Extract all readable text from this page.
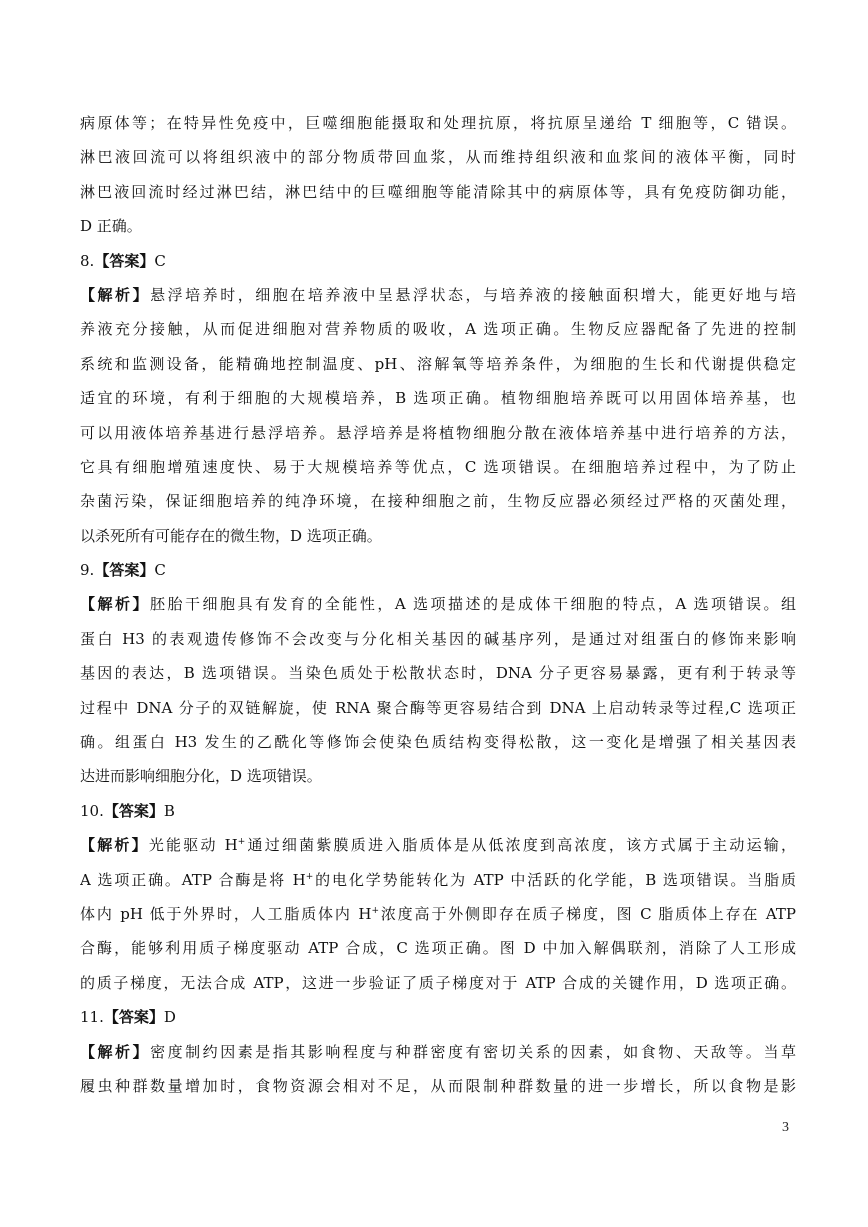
病原体等；在特异性免疫中，巨噬细胞能摄取和处理抗原，将抗原呈递给 T 细胞等，C 错误。
淋巴液回流可以将组织液中的部分物质带回血浆，从而维持组织液和血浆间的液体平衡，同时
淋巴液回流时经过淋巴结，淋巴结中的巨噬细胞等能清除其中的病原体等，具有免疫防御功能，
D 正确。
8.【答案】C
【解析】悬浮培养时，细胞在培养液中呈悬浮状态，与培养液的接触面积增大，能更好地与培
养液充分接触，从而促进细胞对营养物质的吸收，A 选项正确。生物反应器配备了先进的控制
系统和监测设备，能精确地控制温度、pH、溶解氧等培养条件，为细胞的生长和代谢提供稳定
适宜的环境，有利于细胞的大规模培养，B 选项正确。植物细胞培养既可以用固体培养基，也
可以用液体培养基进行悬浮培养。悬浮培养是将植物细胞分散在液体培养基中进行培养的方法，
它具有细胞增殖速度快、易于大规模培养等优点，C 选项错误。在细胞培养过程中，为了防止
杂菌污染，保证细胞培养的纯净环境，在接种细胞之前，生物反应器必须经过严格的灭菌处理，
以杀死所有可能存在的微生物，D 选项正确。
9.【答案】C
【解析】胚胎干细胞具有发育的全能性，A 选项描述的是成体干细胞的特点，A 选项错误。组
蛋白 H3 的表观遗传修饰不会改变与分化相关基因的碱基序列，是通过对组蛋白的修饰来影响
基因的表达，B 选项错误。当染色质处于松散状态时，DNA 分子更容易暴露，更有利于转录等
过程中 DNA 分子的双链解旋，使 RNA 聚合酶等更容易结合到 DNA 上启动转录等过程,C 选项正
确。组蛋白 H3 发生的乙酰化等修饰会使染色质结构变得松散，这一变化是增强了相关基因表
达进而影响细胞分化，D 选项错误。
10.【答案】B
【解析】光能驱动 H+通过细菌紫膜质进入脂质体是从低浓度到高浓度，该方式属于主动运输，
A 选项正确。ATP 合酶是将 H+的电化学势能转化为 ATP 中活跃的化学能，B 选项错误。当脂质
体内 pH 低于外界时，人工脂质体内 H+浓度高于外侧即存在质子梯度，图 C 脂质体上存在 ATP
合酶，能够利用质子梯度驱动 ATP 合成，C 选项正确。图 D 中加入解偶联剂，消除了人工形成
的质子梯度，无法合成 ATP，这进一步验证了质子梯度对于 ATP 合成的关键作用，D 选项正确。
11.【答案】D
【解析】密度制约因素是指其影响程度与种群密度有密切关系的因素，如食物、天敌等。当草
履虫种群数量增加时，食物资源会相对不足，从而限制种群数量的进一步增长，所以食物是影
3
